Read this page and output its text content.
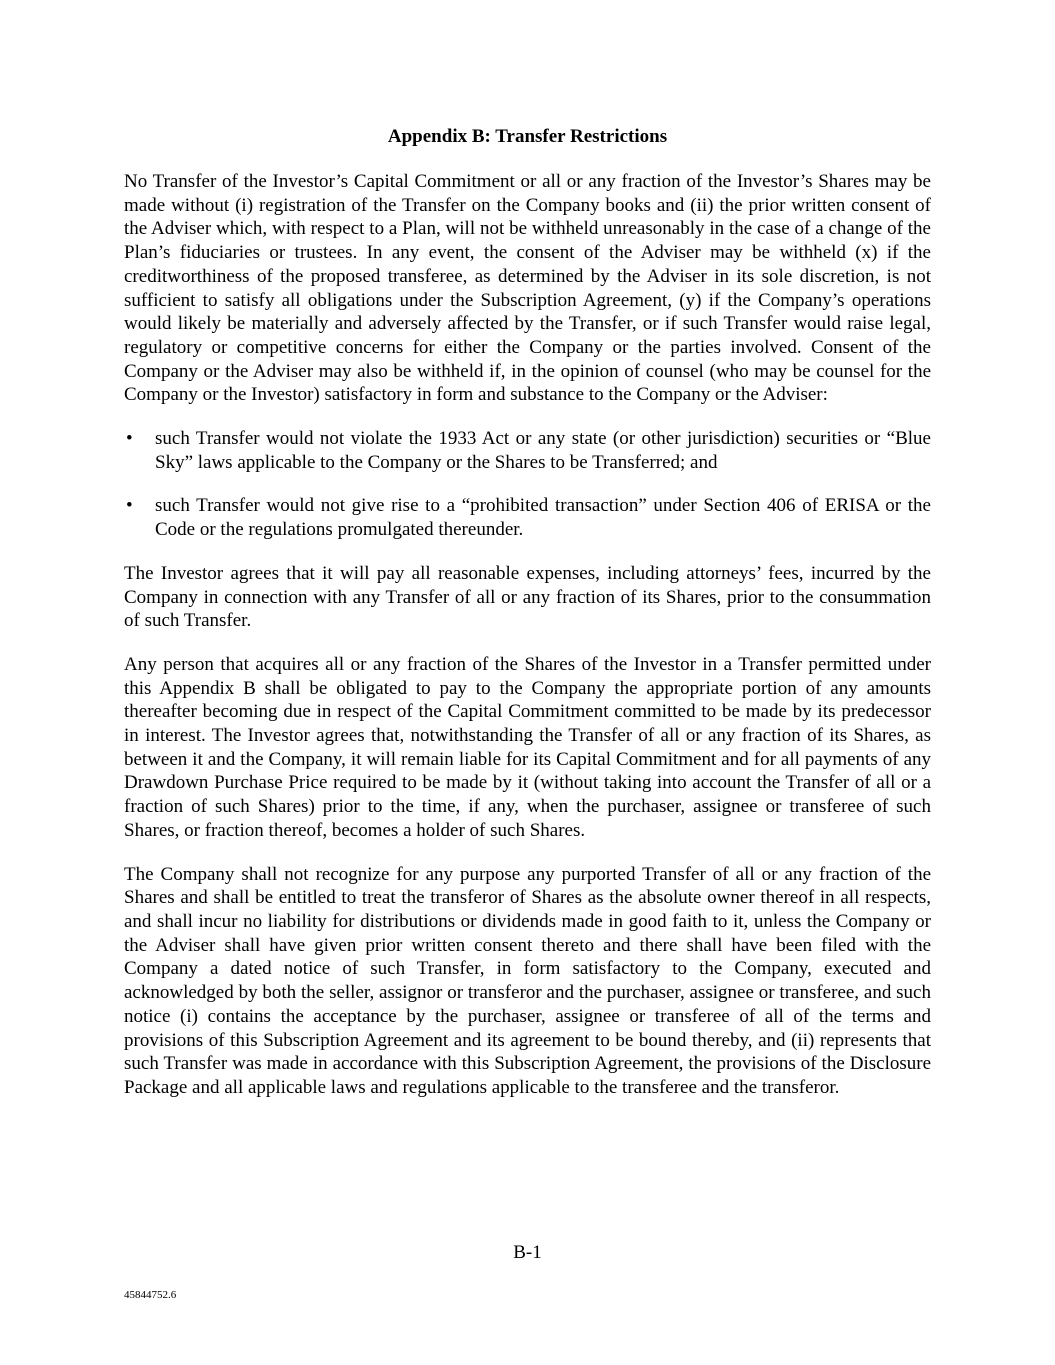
Appendix B: Transfer Restrictions

No Transfer of the Investor’s Capital Commitment or all or any fraction of the Investor’s Shares may be made without (i) registration of the Transfer on the Company books and (ii) the prior written consent of the Adviser which, with respect to a Plan, will not be withheld unreasonably in the case of a change of the Plan’s fiduciaries or trustees. In any event, the consent of the Adviser may be withheld (x) if the creditworthiness of the proposed transferee, as determined by the Adviser in its sole discretion, is not sufficient to satisfy all obligations under the Subscription Agreement, (y) if the Company’s operations would likely be materially and adversely affected by the Transfer, or if such Transfer would raise legal, regulatory or competitive concerns for either the Company or the parties involved. Consent of the Company or the Adviser may also be withheld if, in the opinion of counsel (who may be counsel for the Company or the Investor) satisfactory in form and substance to the Company or the Adviser:

• such Transfer would not violate the 1933 Act or any state (or other jurisdiction) securities or “Blue Sky” laws applicable to the Company or the Shares to be Transferred; and
• such Transfer would not give rise to a “prohibited transaction” under Section 406 of ERISA or the Code or the regulations promulgated thereunder.

The Investor agrees that it will pay all reasonable expenses, including attorneys’ fees, incurred by the Company in connection with any Transfer of all or any fraction of its Shares, prior to the consummation of such Transfer.

Any person that acquires all or any fraction of the Shares of the Investor in a Transfer permitted under this Appendix B shall be obligated to pay to the Company the appropriate portion of any amounts thereafter becoming due in respect of the Capital Commitment committed to be made by its predecessor in interest. The Investor agrees that, notwithstanding the Transfer of all or any fraction of its Shares, as between it and the Company, it will remain liable for its Capital Commitment and for all payments of any Drawdown Purchase Price required to be made by it (without taking into account the Transfer of all or a fraction of such Shares) prior to the time, if any, when the purchaser, assignee or transferee of such Shares, or fraction thereof, becomes a holder of such Shares.

The Company shall not recognize for any purpose any purported Transfer of all or any fraction of the Shares and shall be entitled to treat the transferor of Shares as the absolute owner thereof in all respects, and shall incur no liability for distributions or dividends made in good faith to it, unless the Company or the Adviser shall have given prior written consent thereto and there shall have been filed with the Company a dated notice of such Transfer, in form satisfactory to the Company, executed and acknowledged by both the seller, assignor or transferor and the purchaser, assignee or transferee, and such notice (i) contains the acceptance by the purchaser, assignee or transferee of all of the terms and provisions of this Subscription Agreement and its agreement to be bound thereby, and (ii) represents that such Transfer was made in accordance with this Subscription Agreement, the provisions of the Disclosure Package and all applicable laws and regulations applicable to the transferee and the transferor.

B-1
45844752.6
